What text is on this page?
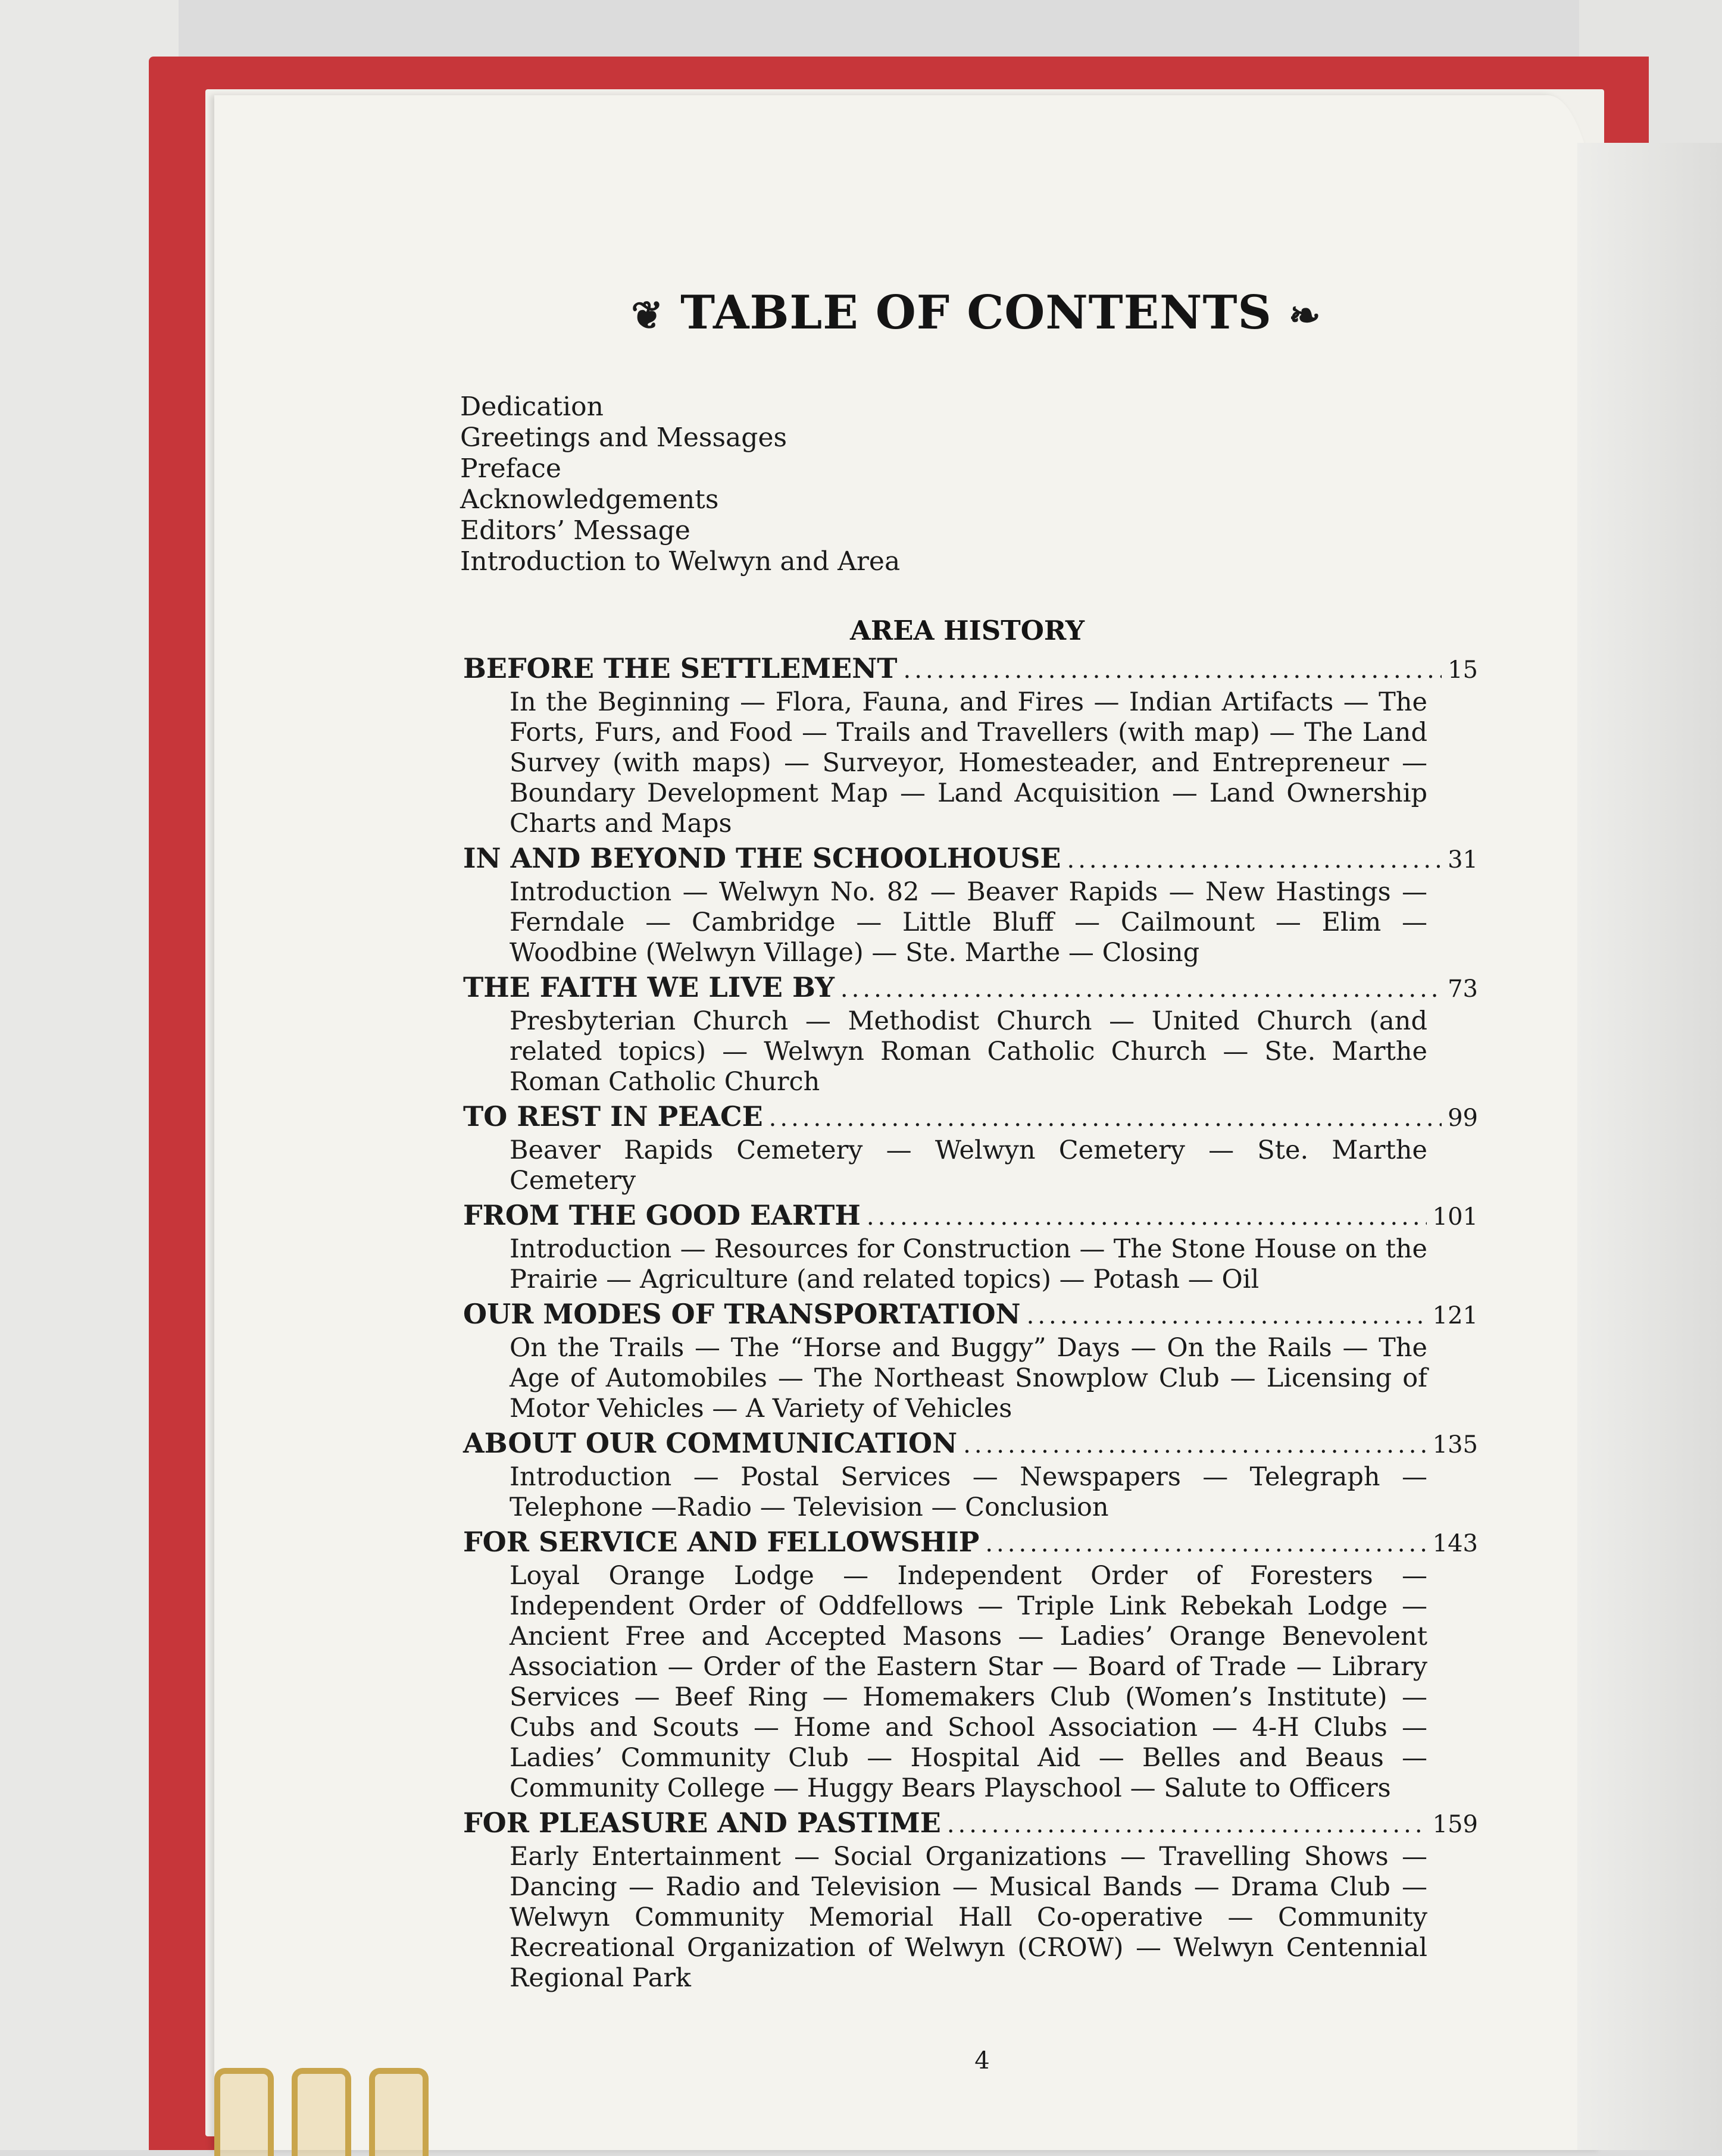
❦ TABLE OF CONTENTS ❧
Dedication
Greetings and Messages
Preface
Acknowledgements
Editors’ Message
Introduction to Welwyn and Area
AREA HISTORY
BEFORE THE SETTLEMENT .....	15
In the Beginning — Flora, Fauna, and Fires — Indian Artifacts — The Forts, Furs, and Food — Trails and Travellers (with map) — The Land Survey (with maps) — Surveyor, Homesteader, and Entrepreneur — Boundary Development Map — Land Acquisition — Land Ownership Charts and Maps
IN AND BEYOND THE SCHOOLHOUSE .....	31
Introduction — Welwyn No. 82 — Beaver Rapids — New Hastings — Ferndale — Cambridge — Little Bluff — Cailmount — Elim — Woodbine (Welwyn Village) — Ste. Marthe — Closing
THE FAITH WE LIVE BY .....	73
Presbyterian Church — Methodist Church — United Church (and related topics) — Welwyn Roman Catholic Church — Ste. Marthe Roman Catholic Church
TO REST IN PEACE .....	99
Beaver Rapids Cemetery — Welwyn Cemetery — Ste. Marthe Cemetery
FROM THE GOOD EARTH .....	101
Introduction — Resources for Construction — The Stone House on the Prairie — Agriculture (and related topics) — Potash — Oil
OUR MODES OF TRANSPORTATION .....	121
On the Trails — The “Horse and Buggy” Days — On the Rails — The Age of Automobiles — The Northeast Snowplow Club — Licensing of Motor Vehicles — A Variety of Vehicles
ABOUT OUR COMMUNICATION .....	135
Introduction — Postal Services — Newspapers — Telegraph — Telephone —Radio — Television — Conclusion
FOR SERVICE AND FELLOWSHIP .....	143
Loyal Orange Lodge — Independent Order of Foresters — Independent Order of Oddfellows — Triple Link Rebekah Lodge — Ancient Free and Accepted Masons — Ladies’ Orange Benevolent Association — Order of the Eastern Star — Board of Trade — Library Services — Beef Ring — Homemakers Club (Women’s Institute) — Cubs and Scouts — Home and School Association — 4-H Clubs — Ladies’ Community Club — Hospital Aid — Belles and Beaus — Community College — Huggy Bears Playschool — Salute to Officers
FOR PLEASURE AND PASTIME .....	159
Early Entertainment — Social Organizations — Travelling Shows — Dancing — Radio and Television — Musical Bands — Drama Club — Welwyn Community Memorial Hall Co-operative — Community Recreational Organization of Welwyn (CROW) — Welwyn Centennial Regional Park
4
